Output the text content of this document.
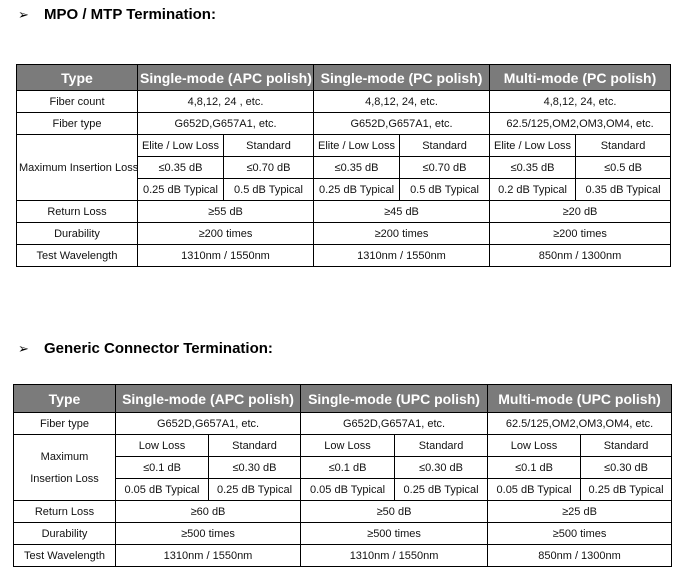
➢	MPO / MTP Termination:
Type	Single-mode (APC polish)		Single-mode (PC polish)		Multi-mode (PC polish)	
Fiber count	4,8,12, 24 , etc.		4,8,12, 24, etc.		4,8,12, 24, etc.	
Fiber type	G652D,G657A1, etc.		G652D,G657A1, etc.		62.5/125,OM2,OM3,OM4, etc.	
Maximum Insertion Loss	Elite / Low Loss	Standard	Elite / Low Loss	Standard	Elite / Low Loss	Standard
	≤0.35 dB	≤0.70 dB	≤0.35 dB	≤0.70 dB	≤0.35 dB	≤0.5 dB
	0.25 dB Typical	0.5 dB Typical	0.25 dB Typical	0.5 dB Typical	0.2 dB Typical	0.35 dB Typical
Return Loss	≥55 dB		≥45 dB		≥20 dB	
Durability	≥200 times		≥200 times		≥200 times	
Test Wavelength	1310nm / 1550nm		1310nm / 1550nm		850nm / 1300nm	
➢	Generic Connector Termination:
Type	Single-mode (APC polish)		Single-mode (UPC polish)		Multi-mode (UPC polish)	
Fiber type	G652D,G657A1, etc.		G652D,G657A1, etc.		62.5/125,OM2,OM3,OM4, etc.	

Maximum
Insertion Loss	Low Loss	Standard	Low Loss	Standard	Low Loss	Standard
	≤0.1 dB	≤0.30 dB	≤0.1 dB	≤0.30 dB	≤0.1 dB	≤0.30 dB
	0.05 dB Typical	0.25 dB Typical	0.05 dB Typical	0.25 dB Typical	0.05 dB Typical	0.25 dB Typical
Return Loss	≥60 dB		≥50 dB		≥25 dB	
Durability	≥500 times		≥500 times		≥500 times	
Test Wavelength	1310nm / 1550nm		1310nm / 1550nm		850nm / 1300nm	
